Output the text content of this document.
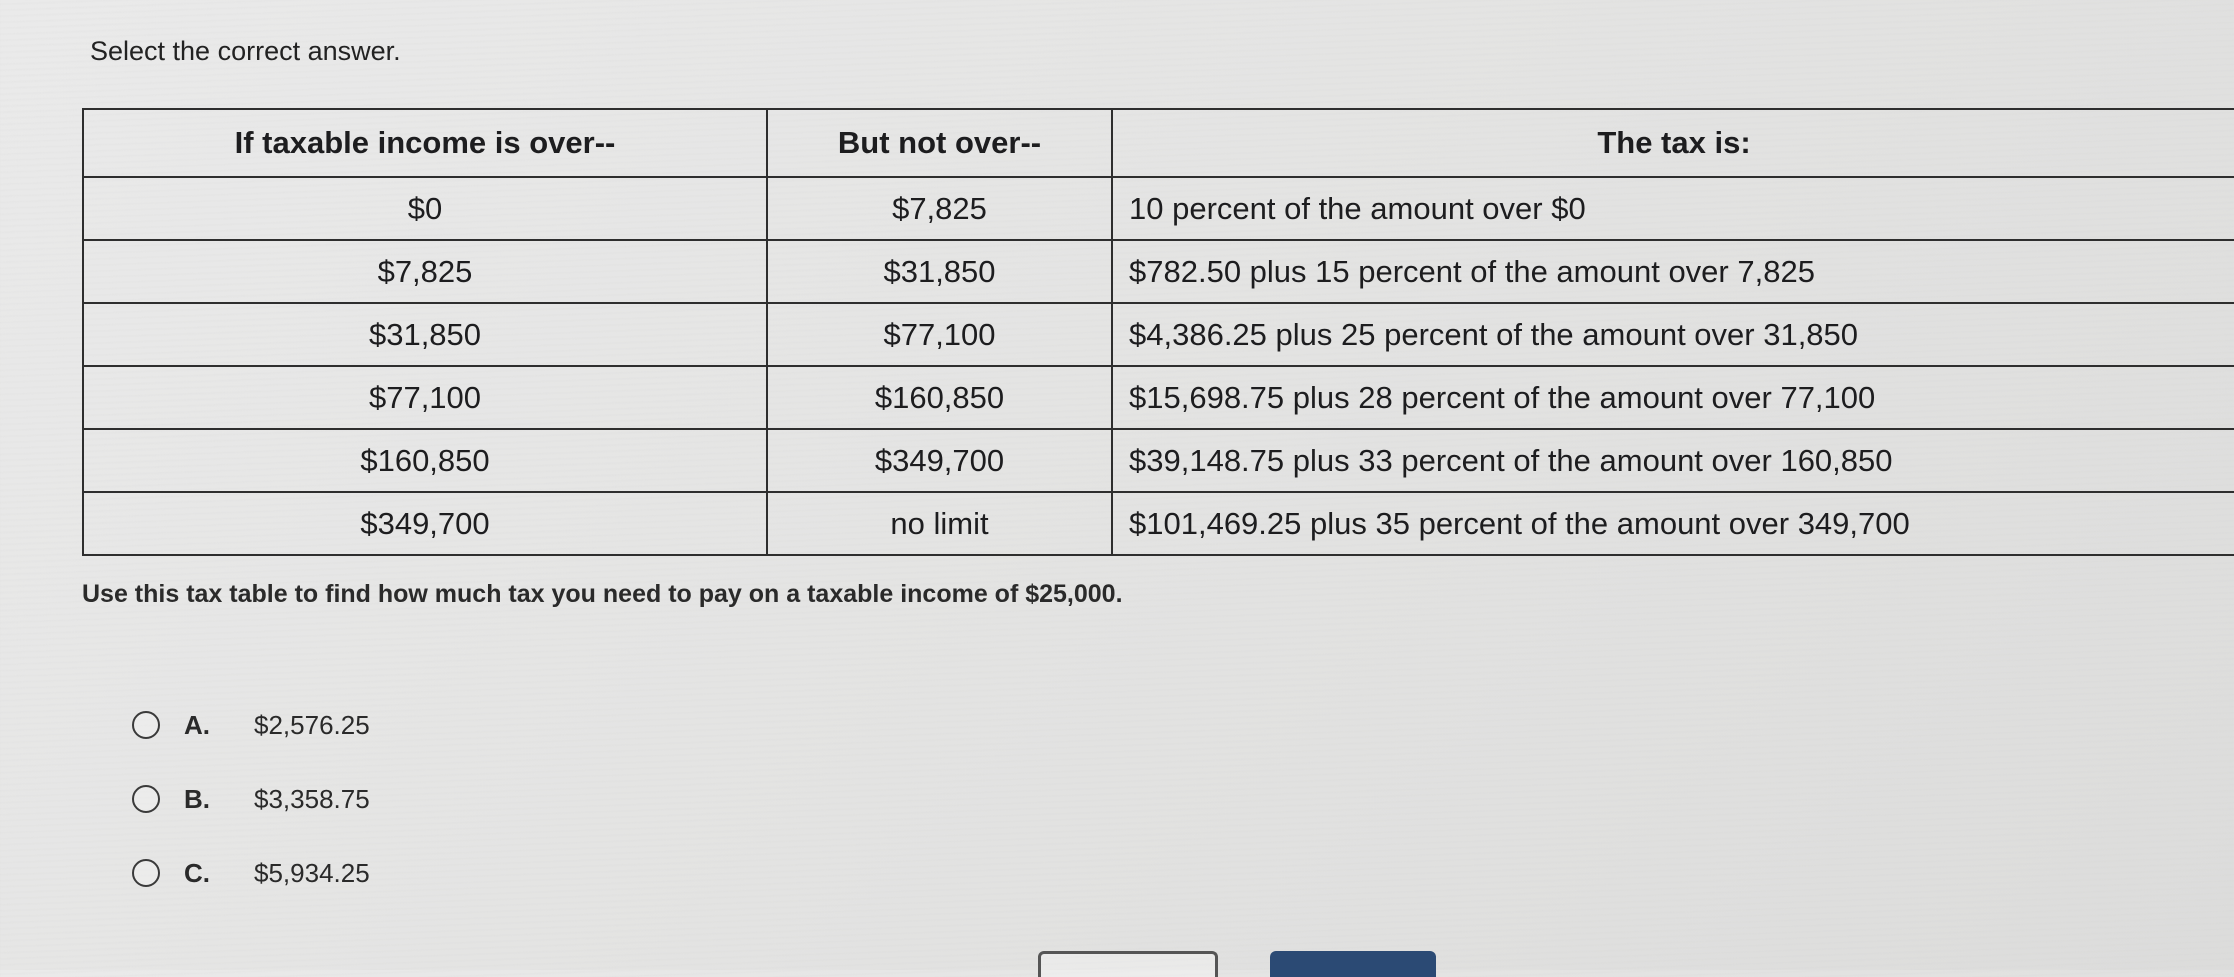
Select the correct answer.
If taxable income is over--	But not over--	The tax is:
$0	$7,825	10 percent of the amount over $0
$7,825	$31,850	$782.50 plus 15 percent of the amount over 7,825
$31,850	$77,100	$4,386.25 plus 25 percent of the amount over 31,850
$77,100	$160,850	$15,698.75 plus 28 percent of the amount over 77,100
$160,850	$349,700	$39,148.75 plus 33 percent of the amount over 160,850
$349,700	no limit	$101,469.25 plus 35 percent of the amount over 349,700
Use this tax table to find how much tax you need to pay on a taxable income of $25,000.
A.	$2,576.25
B.	$3,358.75
C.	$5,934.25
